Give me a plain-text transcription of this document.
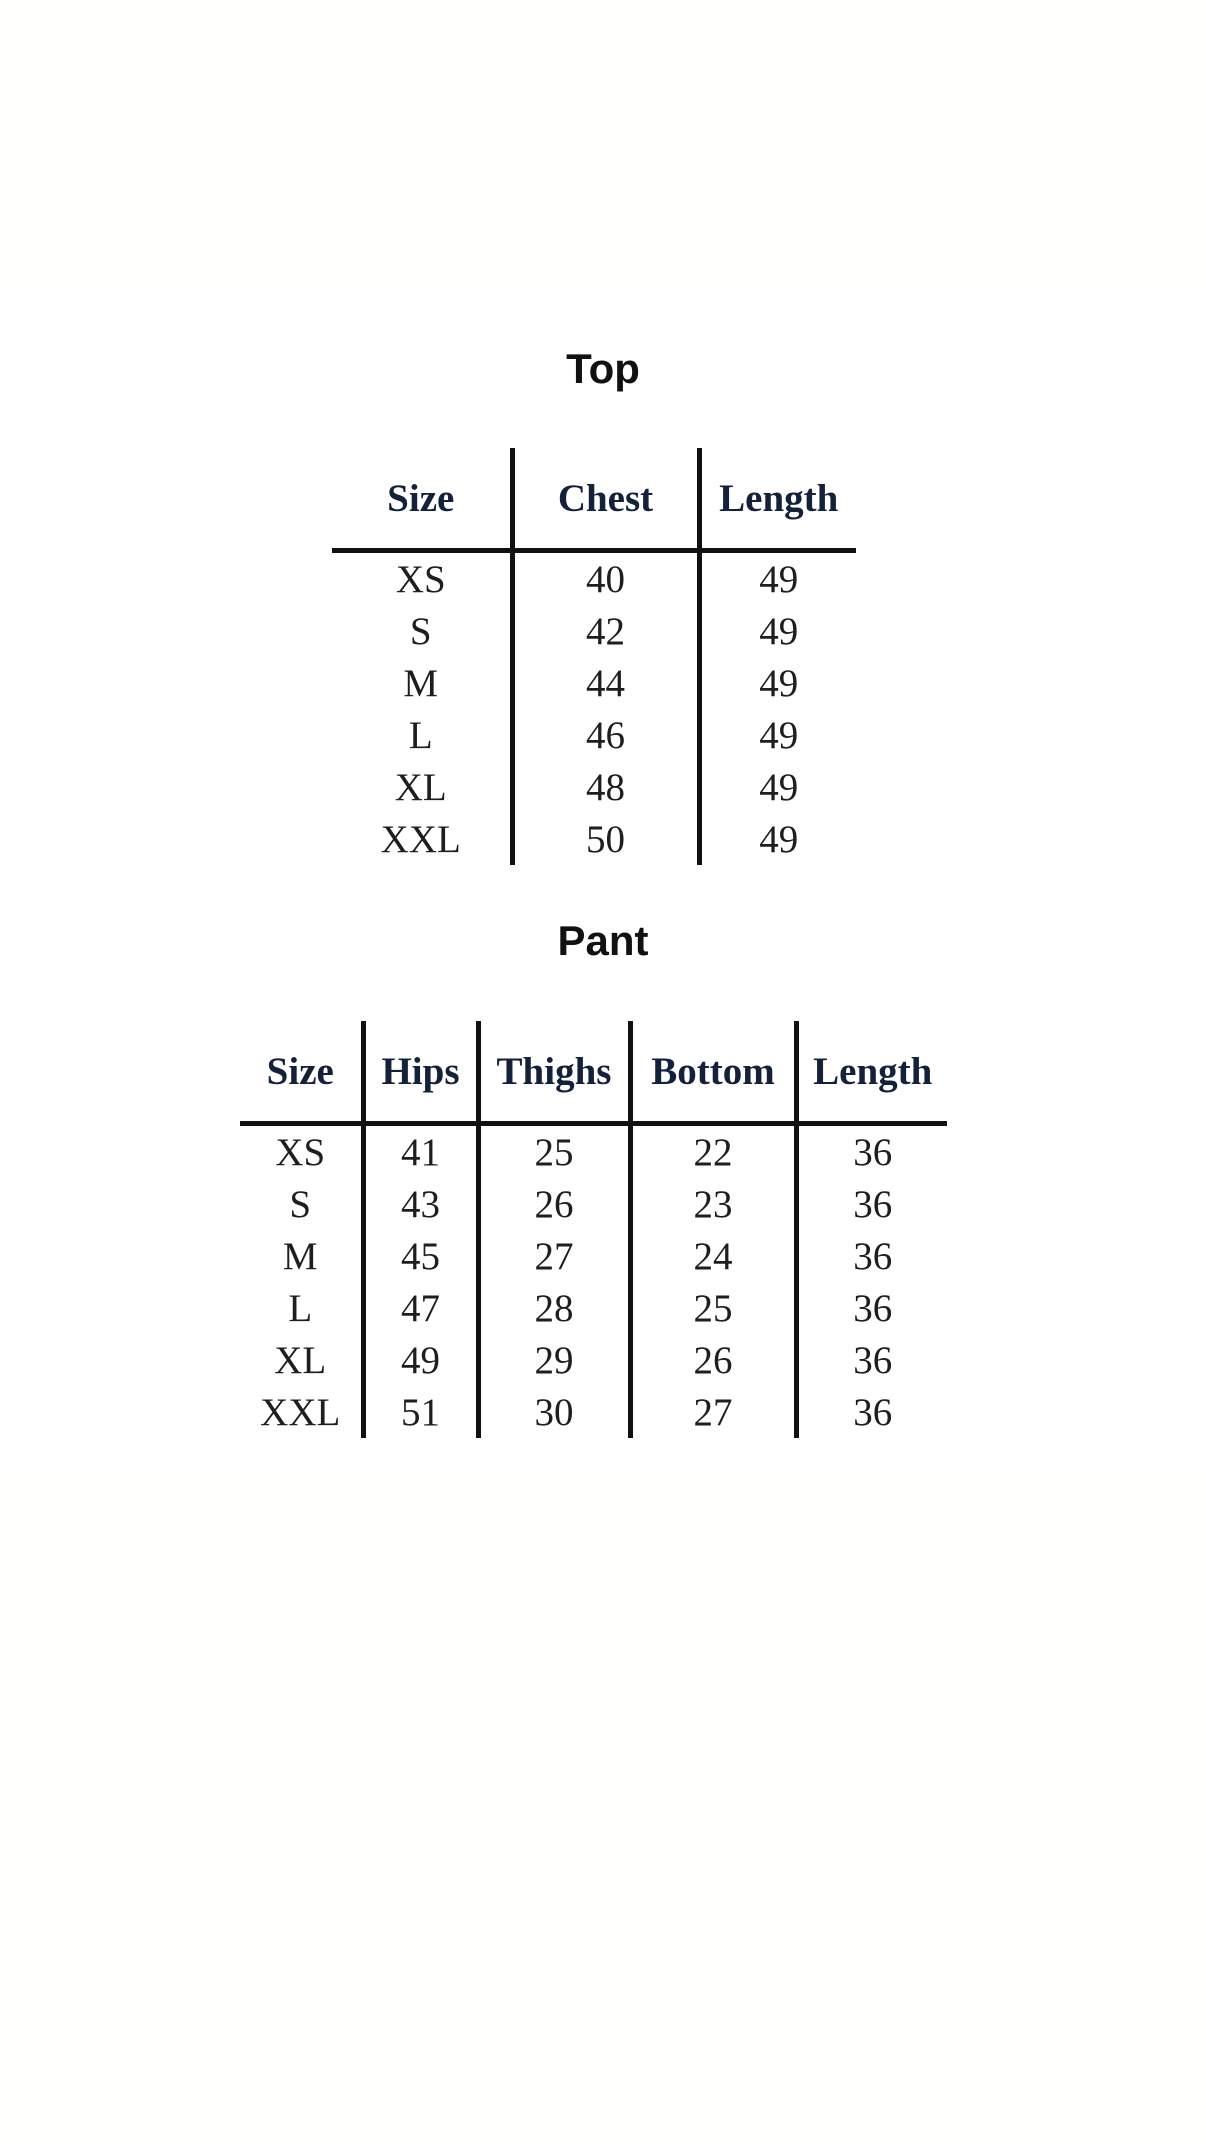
Top
Size	Chest	Length
XS	40	49
S	42	49
M	44	49
L	46	49
XL	48	49
XXL	50	49
Pant
Size	Hips	Thighs	Bottom	Length
XS	41	25	22	36
S	43	26	23	36
M	45	27	24	36
L	47	28	25	36
XL	49	29	26	36
XXL	51	30	27	36
